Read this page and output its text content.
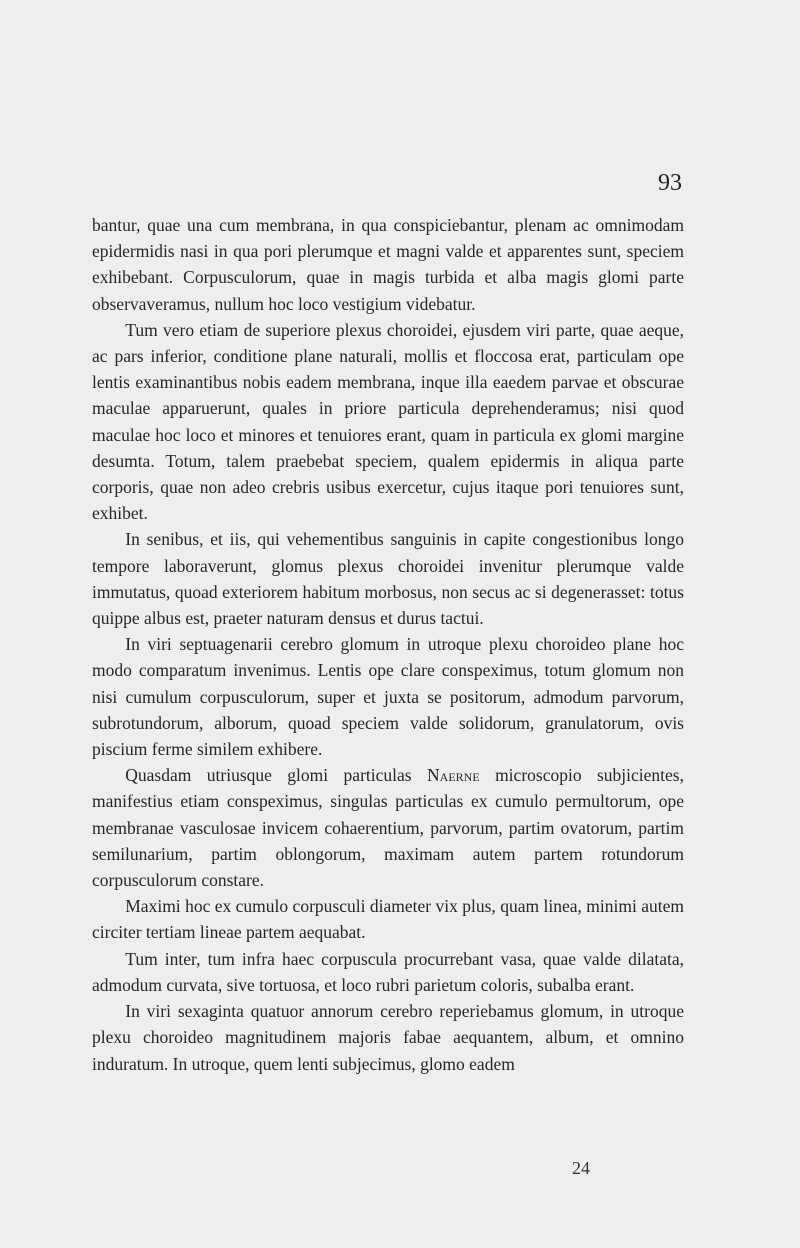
93

bantur, quae una cum membrana, in qua conspiciebantur, plenam ac omnimodam epidermidis nasi in qua pori plerumque et magni valde et apparentes sunt, speciem exhibebant. Corpusculorum, quae in magis turbida et alba magis glomi parte observaveramus, nullum hoc loco vestigium videbatur.

Tum vero etiam de superiore plexus choroidei, ejusdem viri parte, quae aeque, ac pars inferior, conditione plane naturali, mollis et floccosa erat, particulam ope lentis examinantibus nobis eadem membrana, inque illa eaedem parvae et obscurae maculae apparuerunt, quales in priore particula deprehenderamus; nisi quod maculae hoc loco et minores et tenuiores erant, quam in particula ex glomi margine desumta. Totum, talem praebebat speciem, qualem epidermis in aliqua parte corporis, quae non adeo crebris usibus exercetur, cujus itaque pori tenuiores sunt, exhibet.

In senibus, et iis, qui vehementibus sanguinis in capite congestionibus longo tempore laboraverunt, glomus plexus choroidei invenitur plerumque valde immutatus, quoad exteriorem habitum morbosus, non secus ac si degenerasset: totus quippe albus est, praeter naturam densus et durus tactui.

In viri septuagenarii cerebro glomum in utroque plexu choroideo plane hoc modo comparatum invenimus. Lentis ope clare conspeximus, totum glomum non nisi cumulum corpusculorum, super et juxta se positorum, admodum parvorum, subrotundorum, alborum, quoad speciem valde solidorum, granulatorum, ovis piscium ferme similem exhibere.

Quasdam utriusque glomi particulas Naerne microscopio subjicientes, manifestius etiam conspeximus, singulas particulas ex cumulo permultorum, ope membranae vasculosae invicem cohaerentium, parvorum, partim ovatorum, partim semilunarium, partim oblongorum, maximam autem partem rotundorum corpusculorum constare.

Maximi hoc ex cumulo corpusculi diameter vix plus, quam linea, minimi autem circiter tertiam lineae partem aequabat.

Tum inter, tum infra haec corpuscula procurrebant vasa, quae valde dilatata, admodum curvata, sive tortuosa, et loco rubri parietum coloris, subalba erant.

In viri sexaginta quatuor annorum cerebro reperiebamus glomum, in utroque plexu choroideo magnitudinem majoris fabae aequantem, album, et omnino induratum. In utroque, quem lenti subjecimus, glomo eadem

24
